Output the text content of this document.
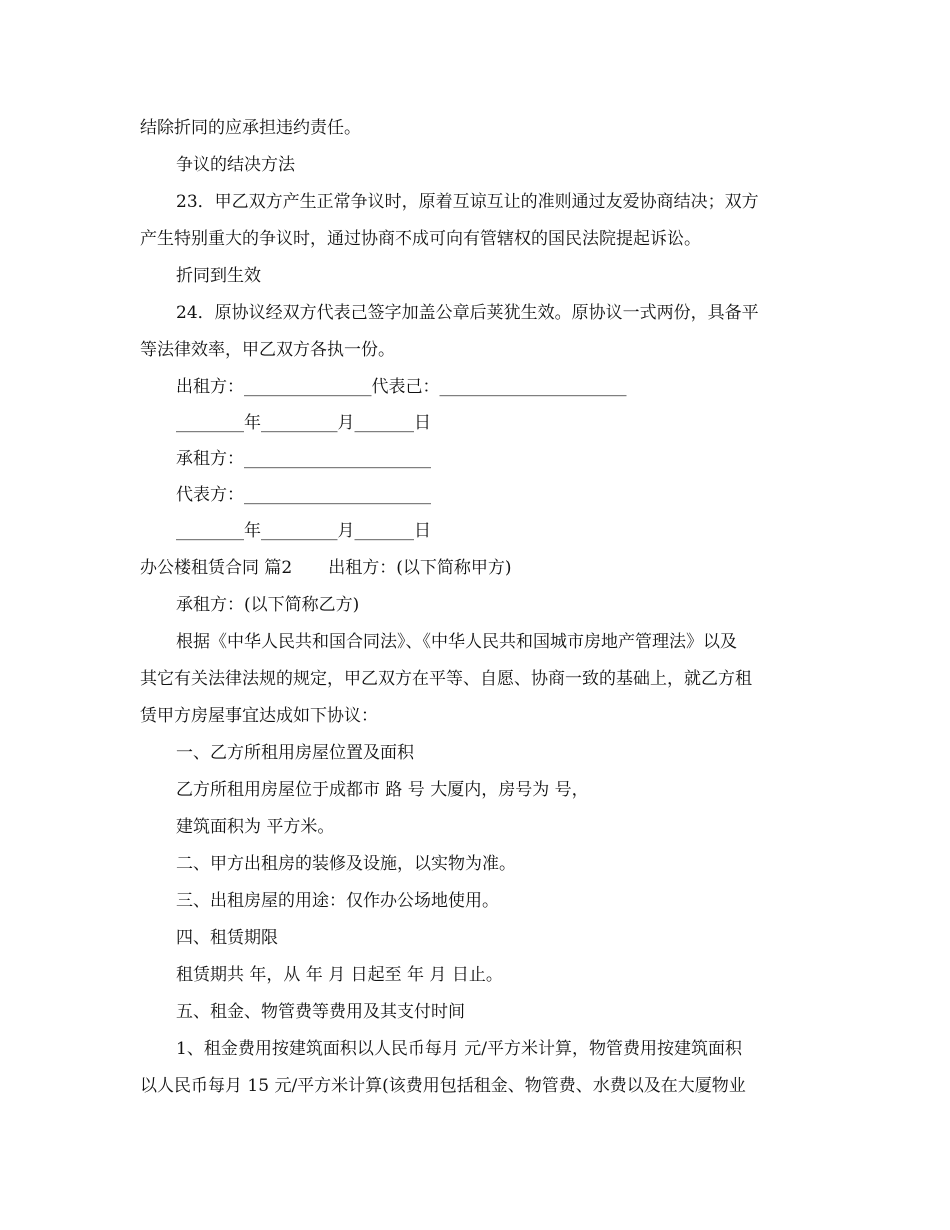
结除折同的应承担违约责任。
争议的结决方法
23．甲乙双方产生正常争议时，原着互谅互让的准则通过友爱协商结决；双方
产生特别重大的争议时，通过协商不成可向有管辖权的国民法院提起诉讼。
折同到生效
24．原协议经双方代表己签字加盖公章后荚犹生效。原协议一式两份，具备平
等法律效率，甲乙双方各执一份。
出租方：_______________代表己：______________________
________年_________月_______日
承租方：______________________
代表方：______________________
________年_________月_______日
办公楼租赁合同 篇2 出租方：(以下简称甲方)
承租方：(以下简称乙方)
根据《中华人民共和国合同法》、《中华人民共和国城市房地产管理法》以及
其它有关法律法规的规定，甲乙双方在平等、自愿、协商一致的基础上，就乙方租
赁甲方房屋事宜达成如下协议：
一、乙方所租用房屋位置及面积
乙方所租用房屋位于成都市 路 号 大厦内，房号为 号，
建筑面积为 平方米。
二、甲方出租房的装修及设施，以实物为准。
三、出租房屋的用途：仅作办公场地使用。
四、租赁期限
租赁期共 年，从 年 月 日起至 年 月 日止。
五、租金、物管费等费用及其支付时间
1、租金费用按建筑面积以人民币每月 元/平方米计算，物管费用按建筑面积
以人民币每月 15 元/平方米计算(该费用包括租金、物管费、水费以及在大厦物业
